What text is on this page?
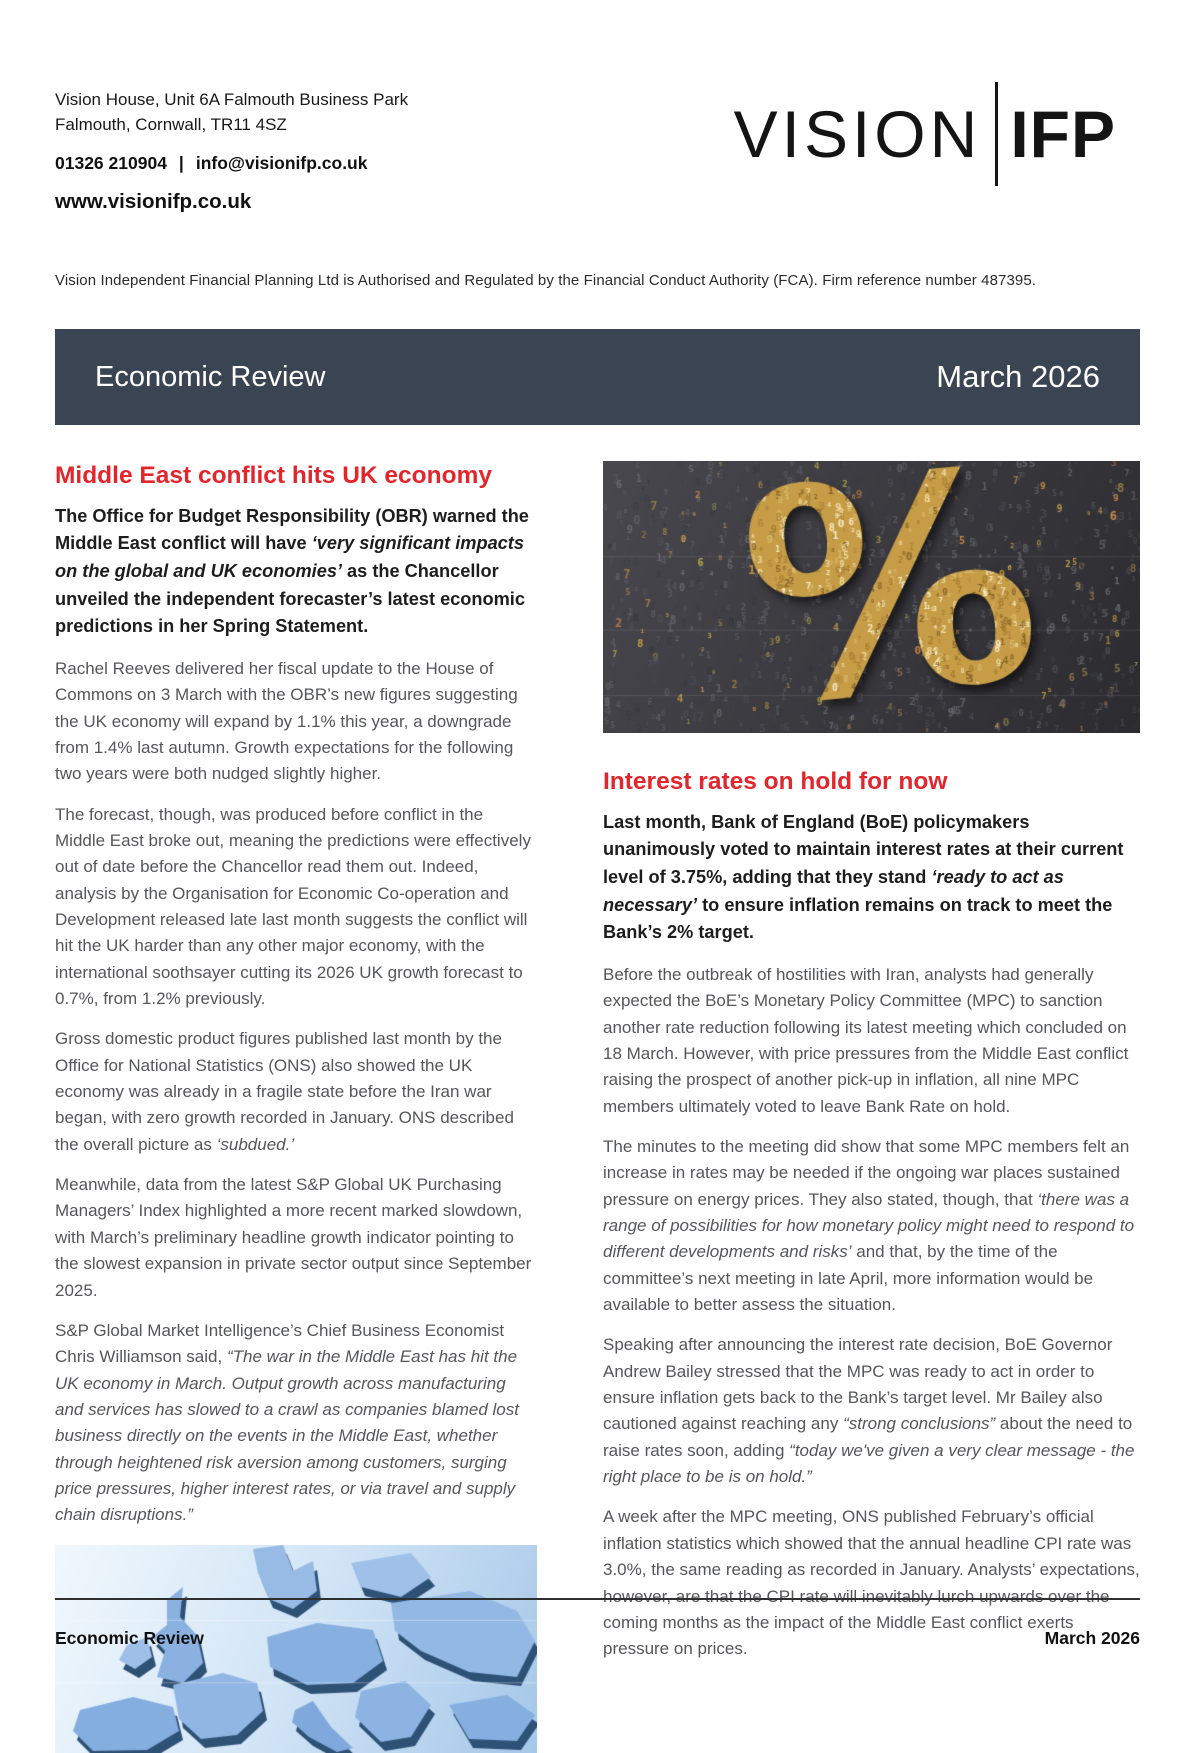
Vision House, Unit 6A Falmouth Business Park
Falmouth, Cornwall, TR11 4SZ
01326 210904 | info@visionifp.co.uk
www.visionifp.co.uk
VISION IFP
Vision Independent Financial Planning Ltd is Authorised and Regulated by the Financial Conduct Authority (FCA). Firm reference number 487395.
Economic Review	March 2026
Middle East conflict hits UK economy

The Office for Budget Responsibility (OBR) warned the Middle East conflict will have ‘very significant impacts on the global and UK economies’ as the Chancellor unveiled the independent forecaster’s latest economic predictions in her Spring Statement.

Rachel Reeves delivered her fiscal update to the House of Commons on 3 March with the OBR’s new figures suggesting the UK economy will expand by 1.1% this year, a downgrade from 1.4% last autumn. Growth expectations for the following two years were both nudged slightly higher.

The forecast, though, was produced before conflict in the Middle East broke out, meaning the predictions were effectively out of date before the Chancellor read them out. Indeed, analysis by the Organisation for Economic Co-operation and Development released late last month suggests the conflict will hit the UK harder than any other major economy, with the international soothsayer cutting its 2026 UK growth forecast to 0.7%, from 1.2% previously.

Gross domestic product figures published last month by the Office for National Statistics (ONS) also showed the UK economy was already in a fragile state before the Iran war began, with zero growth recorded in January. ONS described the overall picture as ‘subdued.’

Meanwhile, data from the latest S&P Global UK Purchasing Managers’ Index highlighted a more recent marked slowdown, with March’s preliminary headline growth indicator pointing to the slowest expansion in private sector output since September 2025.

S&P Global Market Intelligence’s Chief Business Economist Chris Williamson said, “The war in the Middle East has hit the UK economy in March. Output growth across manufacturing and services has slowed to a crawl as companies blamed lost business directly on the events in the Middle East, whether through heightened risk aversion among customers, surging price pressures, higher interest rates, or via travel and supply chain disruptions.”

Interest rates on hold for now

Last month, Bank of England (BoE) policymakers unanimously voted to maintain interest rates at their current level of 3.75%, adding that they stand ‘ready to act as necessary’ to ensure inflation remains on track to meet the Bank’s 2% target.

Before the outbreak of hostilities with Iran, analysts had generally expected the BoE’s Monetary Policy Committee (MPC) to sanction another rate reduction following its latest meeting which concluded on 18 March. However, with price pressures from the Middle East conflict raising the prospect of another pick-up in inflation, all nine MPC members ultimately voted to leave Bank Rate on hold.

The minutes to the meeting did show that some MPC members felt an increase in rates may be needed if the ongoing war places sustained pressure on energy prices. They also stated, though, that ‘there was a range of possibilities for how monetary policy might need to respond to different developments and risks’ and that, by the time of the committee’s next meeting in late April, more information would be available to better assess the situation.

Speaking after announcing the interest rate decision, BoE Governor Andrew Bailey stressed that the MPC was ready to act in order to ensure inflation gets back to the Bank’s target level. Mr Bailey also cautioned against reaching any “strong conclusions” about the need to raise rates soon, adding “today we've given a very clear message - the right place to be is on hold.”

A week after the MPC meeting, ONS published February’s official inflation statistics which showed that the annual headline CPI rate was 3.0%, the same reading as recorded in January. Analysts’ expectations, however, are that the CPI rate will inevitably lurch upwards over the coming months as the impact of the Middle East conflict exerts pressure on prices.

Economic Review	March 2026
